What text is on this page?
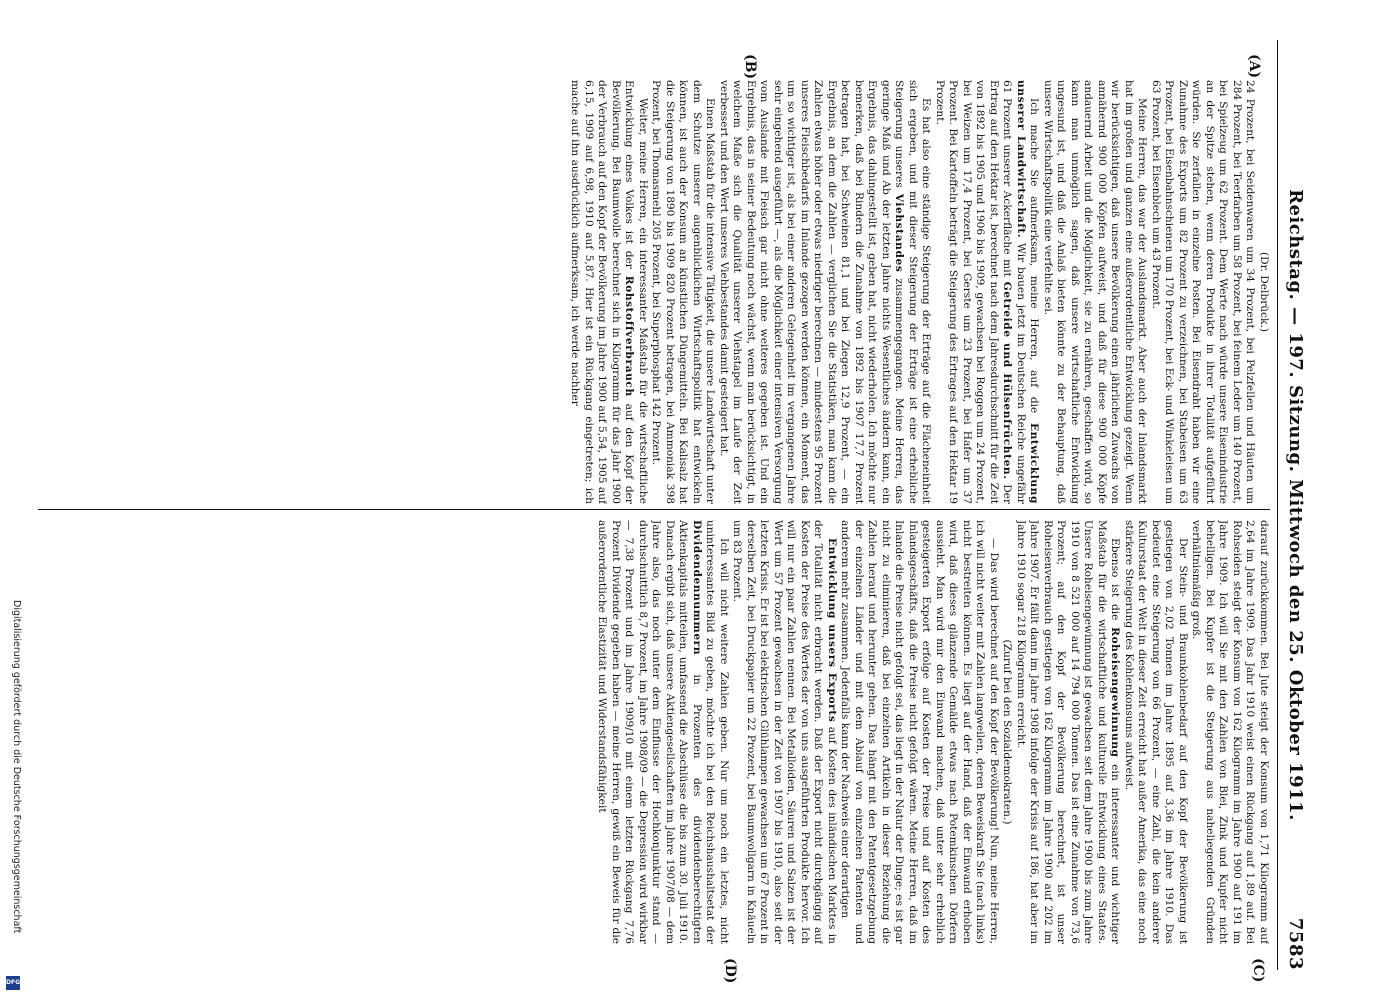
Reichstag. — 197. Sitzung. Mittwoch den 25. Oktober 1911.
7583
(A)
(B)
(C)
(D)

(Dr. Delbrück.)

24 Prozent, bei Seidenwaren um 34 Prozent, bei Pelzfellen und Häuten um 284 Prozent, bei Teerfarben um 58 Prozent, bei feinem Leder um 140 Prozent, bei Spielzeug um 62 Prozent. Dem Werte nach würde unsere Eisenindustrie an der Spitze stehen, wenn deren Produkte in ihrer Totalität aufgeführt würden. Sie zerfallen in einzelne Posten. Bei Eisendraht haben wir eine Zunahme des Exports um 82 Prozent zu verzeichnen, bei Stabeisen um 63 Prozent, bei Eisenbahnschienen um 170 Prozent, bei Eck- und Winkeleisen um 63 Prozent, bei Eisenblech um 43 Prozent.

Meine Herren, das war der Auslandsmarkt. Aber auch der Inlandsmarkt hat im großen und ganzen eine außerordentliche Entwicklung gezeigt. Wenn wir berücksichtigen, daß unsere Bevölkerung einen jährlichen Zuwachs von annähernd 900 000 Köpfen aufweist, und daß für diese 900 000 Köpfe andauernd Arbeit und die Möglichkeit, sie zu ernähren, geschaffen wird, so kann man unmöglich sagen, daß unsere wirtschaftliche Entwicklung ungesund ist, und daß die Anlaß bieten könnte zu der Behauptung, daß unsere Wirtschaftspolitik eine verfehlte sei.

Ich mache Sie aufmerksam, meine Herren, auf die Entwicklung unserer Landwirtschaft. Wir bauen jetzt im Deutschen Reiche ungefähr 61 Prozent unserer Ackerfläche mit Getreide und Hülsenfrüchten. Der Ertrag auf den Hektar ist, berechnet nach dem Jahresdurchschnitt für die Zeit von 1892 bis 1905 und 1906 bis 1909, gewachsen bei Roggen um 24 Prozent, bei Weizen um 17,4 Prozent, bei Gerste um 23 Prozent, bei Hafer um 37 Prozent. Bei Kartoffeln beträgt die Steigerung des Ertrages auf den Hektar 19 Prozent.

Es hat also eine ständige Steigerung der Erträge auf die Flächeneinheit sich ergeben, und mit dieser Steigerung der Erträge ist eine erhebliche Steigerung unseres Viehstandes zusammengegangen. Meine Herren, das geringe Maß und Ab der letzten Jahre nichts Wesentliches ändern kann, ein Ergebnis, das dahingestellt ist, geben hat, nicht wiederholen. Ich möchte nur bemerken, daß bei Rindern die Zunahme von 1892 bis 1907 17,7 Prozent betragen hat, bei Schweinen 81,1 und bei Ziegen 12,9 Prozent, — ein Ergebnis, an dem die Zahlen — verglichen Sie die Statistiken, man kann die Zahlen etwas höher oder etwas niedriger berechnen — mindestens 95 Prozent unseres Fleischbedarfs im Inlande gezogen werden können, ein Moment, das um so wichtiger ist, als bei einer anderen Gelegenheit im vergangenen Jahre sehr eingehend ausgeführt —, als die Möglichkeit einer intensiven Versorgung vom Auslande mit Fleisch gar nicht ohne weiteres gegeben ist. Und ein Ergebnis, das in seiner Bedeutung noch wächst, wenn man berücksichtigt, in welchem Maße sich die Qualität unserer Viehstapel im Laufe der Zeit verbessert und den Wert unseres Viehbestandes damit gesteigert hat.

Einen Maßstab für die intensive Tätigkeit, die unsere Landwirtschaft unter dem Schutze unserer augenblicklichen Wirtschaftspolitik hat entwickeln können, ist auch der Konsum an künstlichen Düngemitteln. Bei Kalisalz hat die Steigerung von 1890 bis 1909 820 Prozent betragen, bei Ammoniak 398 Prozent, bei Thomasmehl 205 Prozent, bei Superphosphat 142 Prozent.

Weiter, meine Herren, ein interessanter Maßstab für die wirtschaftliche Entwicklung eines Volkes ist der Rohstoffverbrauch auf den Kopf der Bevölkerung. Bei Baumwolle berechnet sich in Kilogramm für das Jahr 1900 der Verbrauch auf den Kopf der Bevölkerung im Jahre 1900 auf 5,54, 1905 auf 6,15, 1909 auf 6,98, 1910 auf 5,87. Hier ist ein Rückgang eingetreten; ich mache auf ihn ausdrücklich aufmerksam, ich werde nachher

darauf zurückkommen. Bei Jute steigt der Konsum von 1,71 Kilogramm auf 2,64 im Jahre 1909. Das Jahr 1910 weist einen Rückgang auf 1,89 auf. Bei Rohseiden steigt der Konsum von 162 Kilogramm im Jahre 1900 auf 191 im Jahre 1909. Ich will Sie mit den Zahlen von Blei, Zink und Kupfer nicht behelligen. Bei Kupfer ist die Steigerung aus naheliegenden Gründen verhältnismäßig groß.

Der Stein- und Braunkohlenbedarf auf den Kopf der Bevölkerung ist gestiegen von 2,02 Tonnen im Jahre 1895 auf 3,36 im Jahre 1910. Das bedeutet eine Steigerung von 66 Prozent, — eine Zahl, die kein anderer Kulturstaat der Welt in dieser Zeit erreicht hat außer Amerika, das eine noch stärkere Steigerung des Kohlenkonsums aufweist.

Ebenso ist die Roheisengewinnung ein interessanter und wichtiger Maßstab für die wirtschaftliche und kulturelle Entwicklung eines Staates. Unsere Roheisengewinnung ist gewachsen seit dem Jahre 1900 bis zum Jahre 1910 von 8 521 000 auf 14 794 000 Tonnen. Das ist eine Zunahme von 73,6 Prozent; auf den Kopf der Bevölkerung berechnet, ist unser Roheisenverbrauch gestiegen von 162 Kilogramm im Jahre 1900 auf 202 im Jahre 1907. Er fällt dann im Jahre 1908 infolge der Krisis auf 186, hat aber im Jahre 1910 sogar 218 Kilogramm erreicht.

(Zuruf bei den Sozialdemokraten.)

— Das wird berechnet auf den Kopf der Bevölkerung! Nun, meine Herren, ich will nicht weiter mit Zahlen langweilen, deren Beweiskraft Sie (nach links) nicht bestreiten können. Es liegt auf der Hand, daß der Einwand erhoben wird, daß dieses glänzende Gemälde etwas nach Potemkinschen Dörfern aussieht. Man wird mir den Einwand machen, daß unter sehr erheblich gesteigerten Export erfolge auf Kosten der Preise und auf Kosten des Inlandsgeschäfts, daß die Preise nicht gefolgt wären. Meine Herren, daß im Inlande die Preise nicht gefolgt sei, das liegt in der Natur der Dinge; es ist gar nicht zu eliminieren, daß bei einzelnen Artikeln in dieser Beziehung die Zahlen herauf und herunter gehen. Das hängt mit den Patentgesetzgebung der einzelnen Länder und mit dem Ablauf von einzelnen Patenten und anderem mehr zusammen. Jedenfalls kann der Nachweis einer derartigen

Entwicklung unsers Exports auf Kosten des inländischen Marktes in der Totalität nicht erbracht werden. Daß der Export nicht durchgängig auf Kosten der Preise des Wertes der von uns ausgeführten Produkte hervor. Ich will nur ein paar Zahlen nennen. Bei Metalloiden, Säuren und Salzen ist der Wert um 57 Prozent gewachsen in der Zeit von 1907 bis 1910, also seit der letzten Krisis. Er ist bei elektrischen Glühlampen gewachsen um 67 Prozent in derselben Zeit, bei Druckpapier um 22 Prozent, bei Baumwollgarn in Knäueln um 83 Prozent.

Ich will nicht weitere Zahlen geben. Nur um noch ein letztes, nicht uninteressantes Bild zu geben, möchte ich bei den Reichshaushaltsetat der Dividendennummern in Prozenten des dividendenberechtigten Aktienkapitals mitteilen, umfassend die Abschlüsse die bis zum 30. Juli 1910. Danach ergibt sich, daß unsere Aktiengesellschaften im Jahre 1907/08 — dem Jahre also, das noch unter dem Einflusse der Hochkonjunktur stand — durchschnittlich 8,7 Prozent, im Jahre 1908/09 — die Depression wird wirkbar — 7,38 Prozent und im Jahre 1909/10 mit einem letzten Rückgang 7,76 Prozent Dividende gegeben haben — meine Herren, gewiß ein Beweis für die außerordentliche Elastizität und Widerstandsfähigkeit

Digitalisierung gefördert durch die Deutsche Forschungsgemeinschaft
DFG
